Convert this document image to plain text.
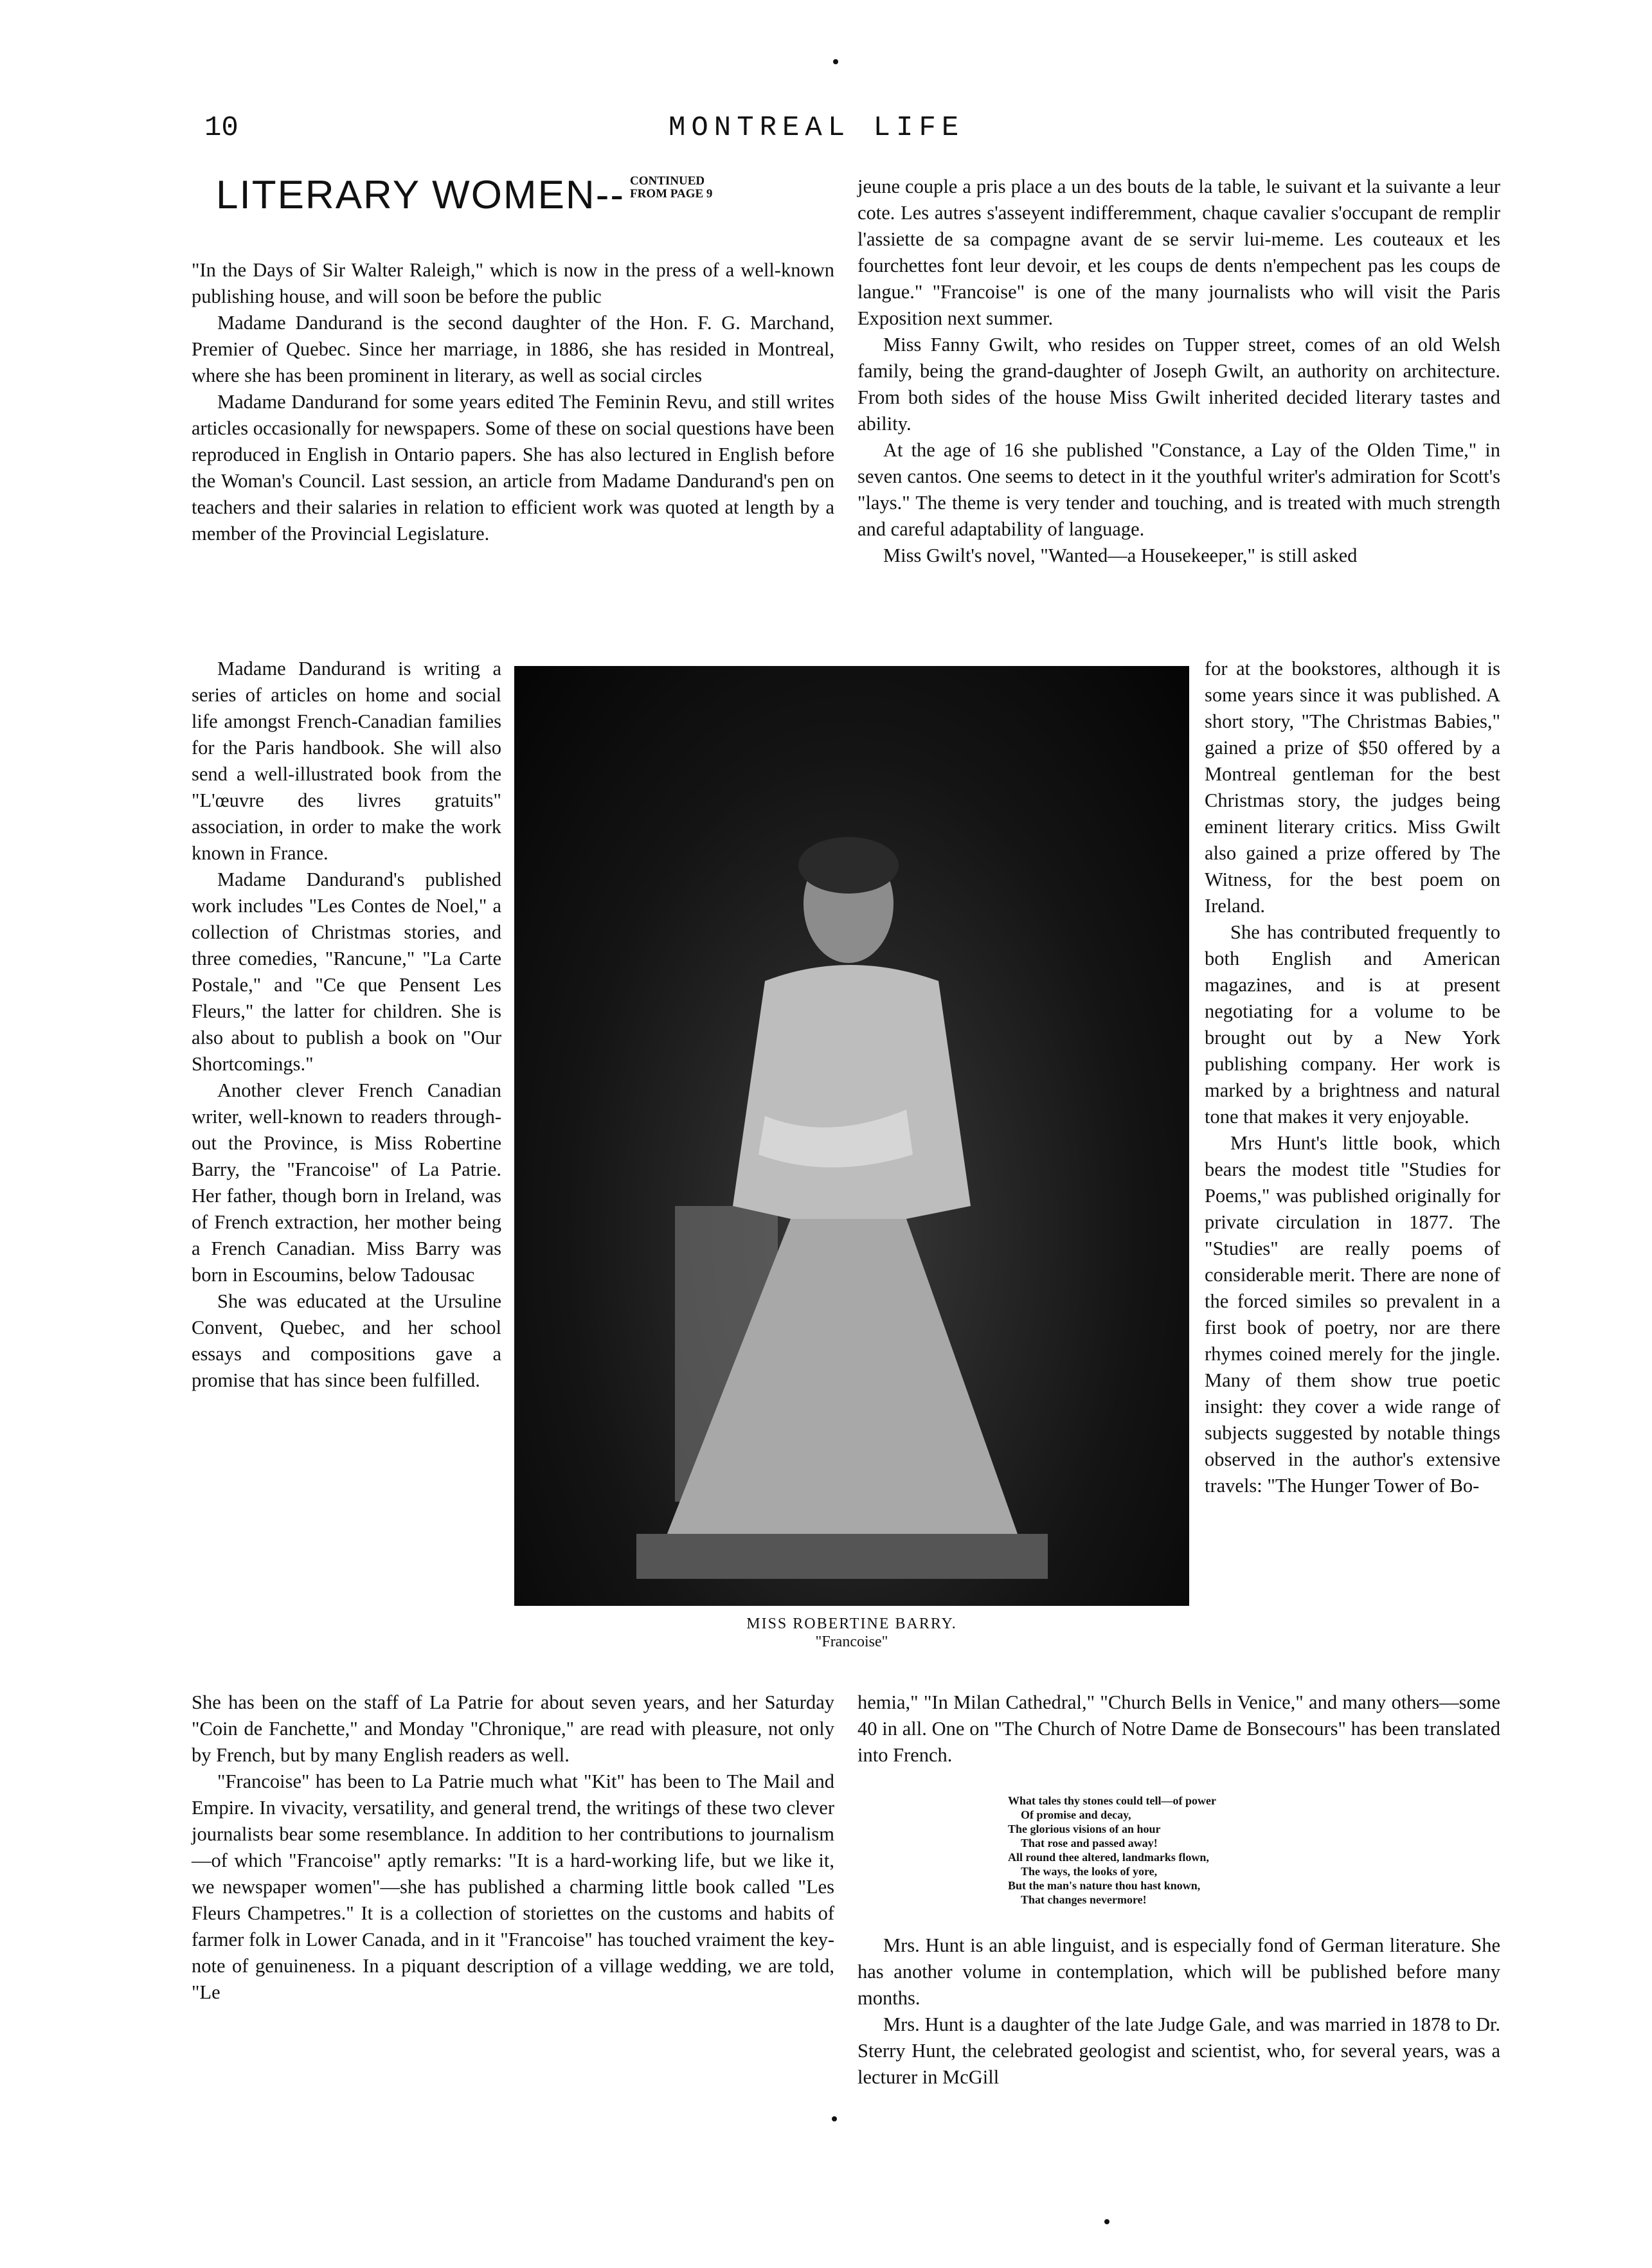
10	MONTREAL LIFE
LITERARY WOMEN-- CONTINUED
FROM PAGE 9

"In the Days of Sir Walter Raleigh," which is now in the press of a well-known publishing house, and will soon be before the public

Madame Dandurand is the second daughter of the Hon. F. G. Marchand, Premier of Quebec. Since her marriage, in 1886, she has resided in Montreal, where she has been prominent in literary, as well as social circles

Madame Dandurand for some years edited The Feminin Revu, and still writes articles occasionally for newspapers. Some of these on social questions have been reproduced in English in Ontario papers. She has also lectured in English before the Woman's Council. Last session, an article from Madame Dandurand's pen on teachers and their salaries in relation to efficient work was quoted at length by a member of the Provincial Legislature.

Madame Dandurand is writing a series of articles on home and social life amongst French-Canadian families for the Paris handbook. She will also send a well-illustrated book from the "L'œuvre des livres gratuits" association, in order to make the work known in France.

Madame Dandurand's published work includes "Les Contes de Noel," a collection of Christmas stories, and three comedies, "Rancune," "La Carte Postale," and "Ce que Pensent Les Fleurs," the latter for children. She is also about to publish a book on "Our Shortcomings."

Another clever French Canadian writer, well-known to readers through-out the Province, is Miss Robertine Barry, the "Francoise" of La Patrie. Her father, though born in Ireland, was of French extraction, her mother being a French Canadian. Miss Barry was born in Escoumins, below Tadousac

She was educated at the Ursuline Convent, Quebec, and her school essays and compositions gave a promise that has since been fulfilled.

MISS ROBERTINE BARRY.
"Francoise"

She has been on the staff of La Patrie for about seven years, and her Saturday "Coin de Fanchette," and Monday "Chronique," are read with pleasure, not only by French, but by many English readers as well.

"Francoise" has been to La Patrie much what "Kit" has been to The Mail and Empire. In vivacity, versatility, and general trend, the writings of these two clever journalists bear some resemblance. In addition to her contributions to journalism—of which "Francoise" aptly remarks: "It is a hard-working life, but we like it, we newspaper women"—she has published a charming little book called "Les Fleurs Champetres." It is a collection of storiettes on the customs and habits of farmer folk in Lower Canada, and in it "Francoise" has touched vraiment the key-note of genuineness. In a piquant description of a village wedding, we are told, "Le

jeune couple a pris place a un des bouts de la table, le suivant et la suivante a leur cote. Les autres s'asseyent indifferemment, chaque cavalier s'occupant de remplir l'assiette de sa compagne avant de se servir lui-meme. Les couteaux et les fourchettes font leur devoir, et les coups de dents n'empechent pas les coups de langue." "Francoise" is one of the many journalists who will visit the Paris Exposition next summer.

Miss Fanny Gwilt, who resides on Tupper street, comes of an old Welsh family, being the grand-daughter of Joseph Gwilt, an authority on architecture. From both sides of the house Miss Gwilt inherited decided literary tastes and ability.

At the age of 16 she published "Constance, a Lay of the Olden Time," in seven cantos. One seems to detect in it the youthful writer's admiration for Scott's "lays." The theme is very tender and touching, and is treated with much strength and careful adaptability of language.

Miss Gwilt's novel, "Wanted—a Housekeeper," is still asked

for at the bookstores, although it is some years since it was published. A short story, "The Christmas Babies," gained a prize of $50 offered by a Montreal gentleman for the best Christmas story, the judges being eminent literary critics. Miss Gwilt also gained a prize offered by The Witness, for the best poem on Ireland.

She has contributed frequently to both English and American magazines, and is at present negotiating for a volume to be brought out by a New York publishing company. Her work is marked by a brightness and natural tone that makes it very enjoyable.

Mrs Hunt's little book, which bears the modest title "Studies for Poems," was published originally for private circulation in 1877. The "Studies" are really poems of considerable merit. There are none of the forced similes so prevalent in a first book of poetry, nor are there rhymes coined merely for the jingle. Many of them show true poetic insight: they cover a wide range of subjects suggested by notable things observed in the author's extensive travels: "The Hunger Tower of Bo-

hemia," "In Milan Cathedral," "Church Bells in Venice," and many others—some 40 in all. One on "The Church of Notre Dame de Bonsecours" has been translated into French.

What tales thy stones could tell—of power
Of promise and decay,
The glorious visions of an hour
That rose and passed away!
All round thee altered, landmarks flown,
The ways, the looks of yore,
But the man's nature thou hast known,
That changes nevermore!

Mrs. Hunt is an able linguist, and is especially fond of German literature. She has another volume in contemplation, which will be published before many months.

Mrs. Hunt is a daughter of the late Judge Gale, and was married in 1878 to Dr. Sterry Hunt, the celebrated geologist and scientist, who, for several years, was a lecturer in McGill
